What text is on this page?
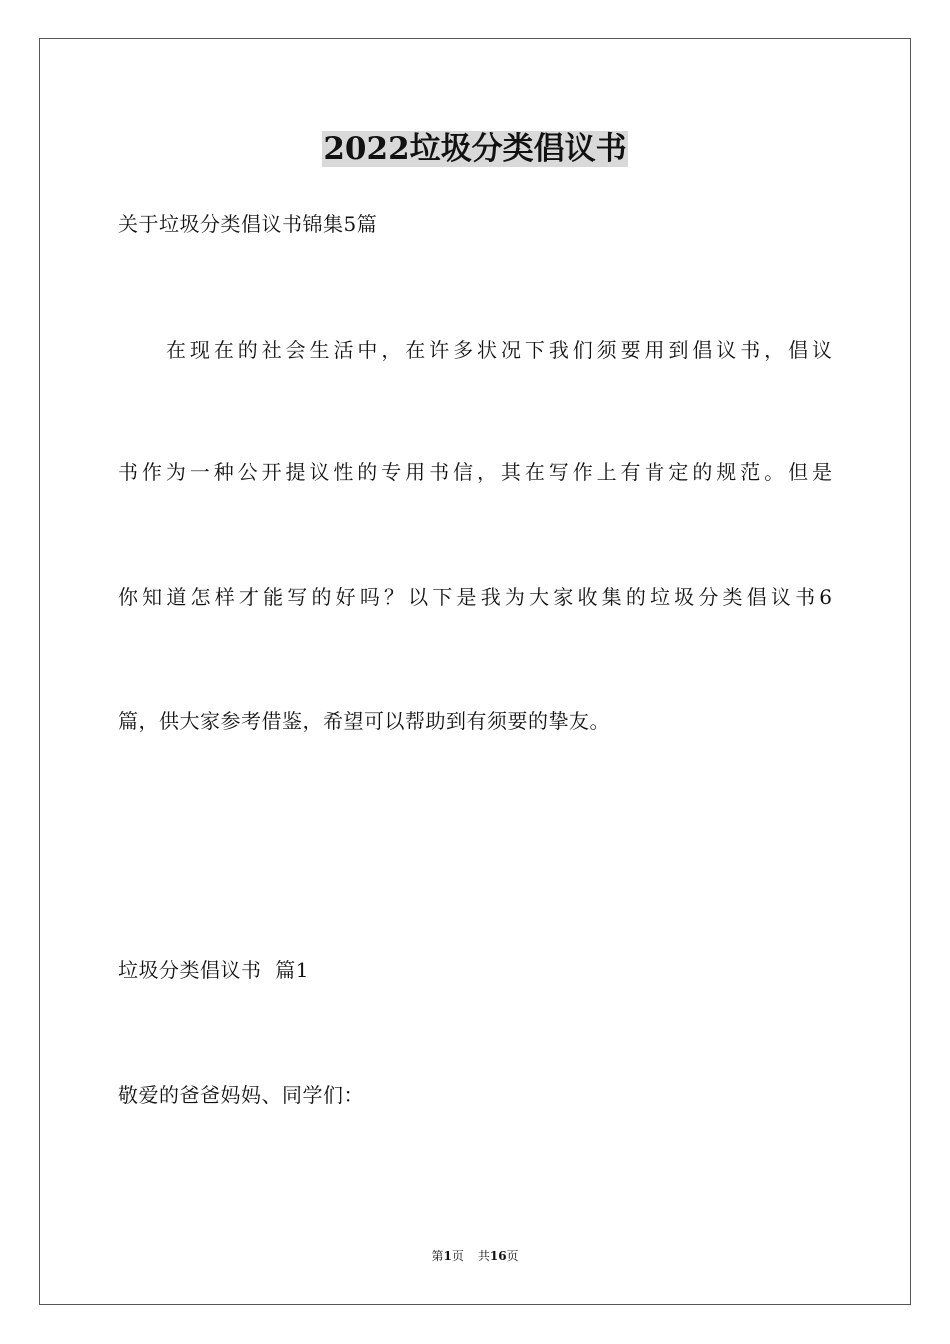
2022垃圾分类倡议书
关于垃圾分类倡议书锦集5篇
在现在的社会生活中，在许多状况下我们须要用到倡议书，倡议
书作为一种公开提议性的专用书信，其在写作上有肯定的规范。但是
你知道怎样才能写的好吗？以下是我为大家收集的垃圾分类倡议书6
篇，供大家参考借鉴，希望可以帮助到有须要的挚友。
垃圾分类倡议书  篇1
敬爱的爸爸妈妈、同学们：
第1页 共16页
